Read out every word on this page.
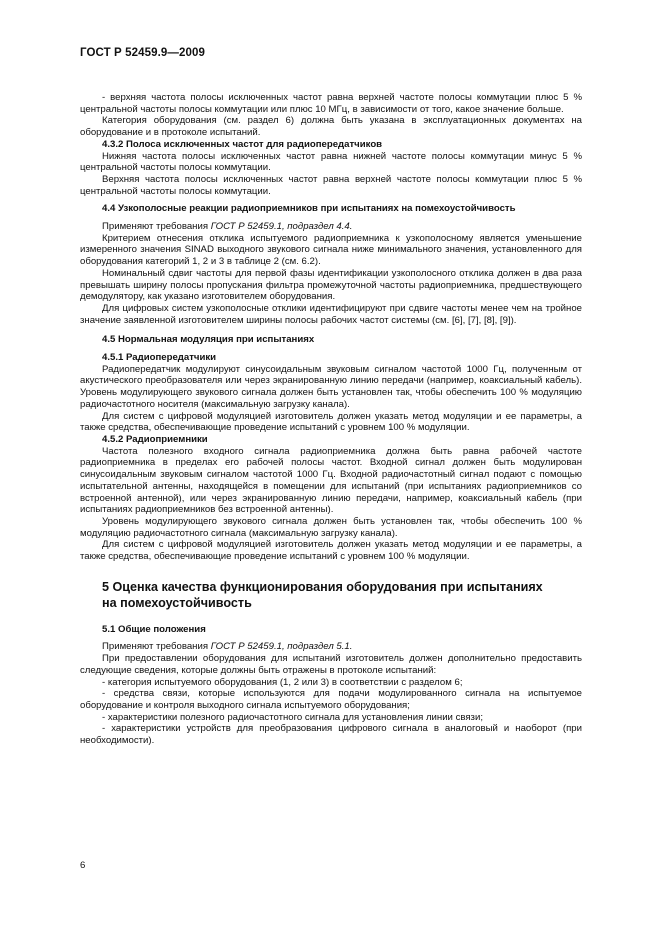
ГОСТ Р 52459.9—2009

- верхняя частота полосы исключенных частот равна верхней частоте полосы коммутации плюс 5 % центральной частоты полосы коммутации или плюс 10 МГц, в зависимости от того, какое значение больше.

Категория оборудования (см. раздел 6) должна быть указана в эксплуатационных документах на оборудование и в протоколе испытаний.

4.3.2 Полоса исключенных частот для радиопередатчиков

Нижняя частота полосы исключенных частот равна нижней частоте полосы коммутации минус 5 % центральной частоты полосы коммутации.

Верхняя частота полосы исключенных частот равна верхней частоте полосы коммутации плюс 5 % центральной частоты полосы коммутации.

4.4 Узкополосные реакции радиоприемников при испытаниях на помехоустойчивость

Применяют требования ГОСТ Р 52459.1, подраздел 4.4.

Критерием отнесения отклика испытуемого радиоприемника к узкополосному является уменьшение измеренного значения SINAD выходного звукового сигнала ниже минимального значения, установленного для оборудования категорий 1, 2 и 3 в таблице 2 (см. 6.2).

Номинальный сдвиг частоты для первой фазы идентификации узкополосного отклика должен в два раза превышать ширину полосы пропускания фильтра промежуточной частоты радиоприемника, предшествующего демодулятору, как указано изготовителем оборудования.

Для цифровых систем узкополосные отклики идентифицируют при сдвиге частоты менее чем на тройное значение заявленной изготовителем ширины полосы рабочих частот системы (см. [6], [7], [8], [9]).

4.5 Нормальная модуляция при испытаниях
4.5.1 Радиопередатчики

Радиопередатчик модулируют синусоидальным звуковым сигналом частотой 1000 Гц, полученным от акустического преобразователя или через экранированную линию передачи (например, коаксиальный кабель). Уровень модулирующего звукового сигнала должен быть установлен так, чтобы обеспечить 100 % модуляцию радиочастотного носителя (максимальную загрузку канала).

Для систем с цифровой модуляцией изготовитель должен указать метод модуляции и ее параметры, а также средства, обеспечивающие проведение испытаний с уровнем 100 % модуляции.

4.5.2 Радиоприемники

Частота полезного входного сигнала радиоприемника должна быть равна рабочей частоте радиоприемника в пределах его рабочей полосы частот. Входной сигнал должен быть модулирован синусоидальным звуковым сигналом частотой 1000 Гц. Входной радиочастотный сигнал подают с помощью испытательной антенны, находящейся в помещении для испытаний (при испытаниях радиоприемников со встроенной антенной), или через экранированную линию передачи, например, коаксиальный кабель (при испытаниях радиоприемников без встроенной антенны).

Уровень модулирующего звукового сигнала должен быть установлен так, чтобы обеспечить 100 % модуляцию радиочастотного сигнала (максимальную загрузку канала).

Для систем с цифровой модуляцией изготовитель должен указать метод модуляции и ее параметры, а также средства, обеспечивающие проведение испытаний с уровнем 100 % модуляции.

5 Оценка качества функционирования оборудования при испытаниях
на помехоустойчивость
5.1 Общие положения

Применяют требования ГОСТ Р 52459.1, подраздел 5.1.

При предоставлении оборудования для испытаний изготовитель должен дополнительно предоставить следующие сведения, которые должны быть отражены в протоколе испытаний:

- категория испытуемого оборудования (1, 2 или 3) в соответствии с разделом 6;

- средства связи, которые используются для подачи модулированного сигнала на испытуемое оборудование и контроля выходного сигнала испытуемого оборудования;

- характеристики полезного радиочастотного сигнала для установления линии связи;

- характеристики устройств для преобразования цифрового сигнала в аналоговый и наоборот (при необходимости).

6
